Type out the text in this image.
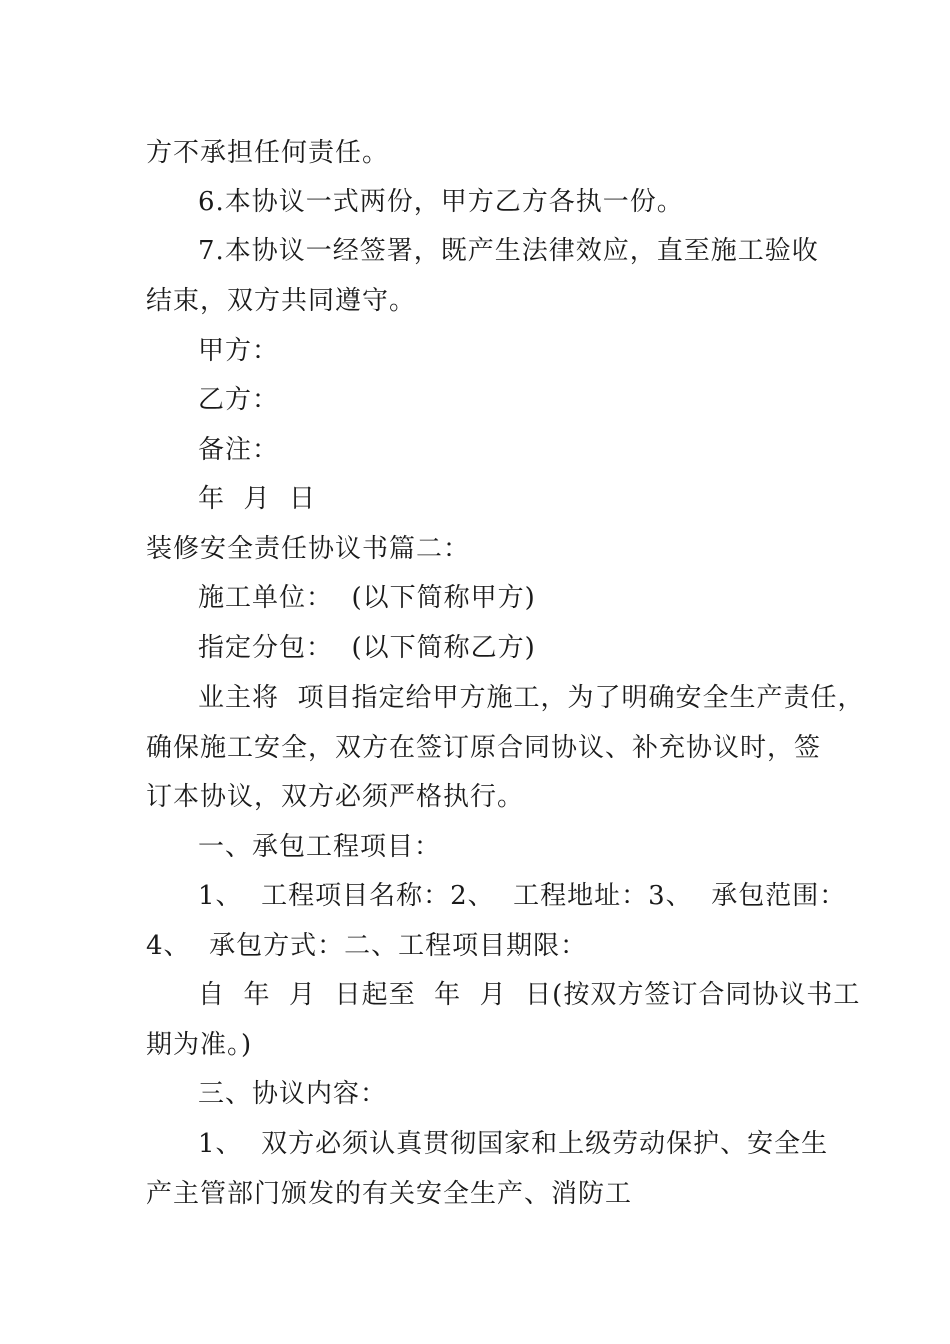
方不承担任何责任。
6.本协议一式两份，甲方乙方各执一份。
7.本协议一经签署，既产生法律效应，直至施工验收
结束，双方共同遵守。
甲方：
乙方：
备注：
年  月  日
装修安全责任协议书篇二：
施工单位：  (以下简称甲方)
指定分包：  (以下简称乙方)
业主将  项目指定给甲方施工，为了明确安全生产责任，
确保施工安全，双方在签订原合同协议、补充协议时，签
订本协议，双方必须严格执行。
一、承包工程项目：
1、  工程项目名称：2、  工程地址：3、  承包范围：
4、  承包方式：二、工程项目期限：
自  年  月  日起至  年  月  日(按双方签订合同协议书工
期为准。)
三、协议内容：
1、  双方必须认真贯彻国家和上级劳动保护、安全生
产主管部门颁发的有关安全生产、消防工
